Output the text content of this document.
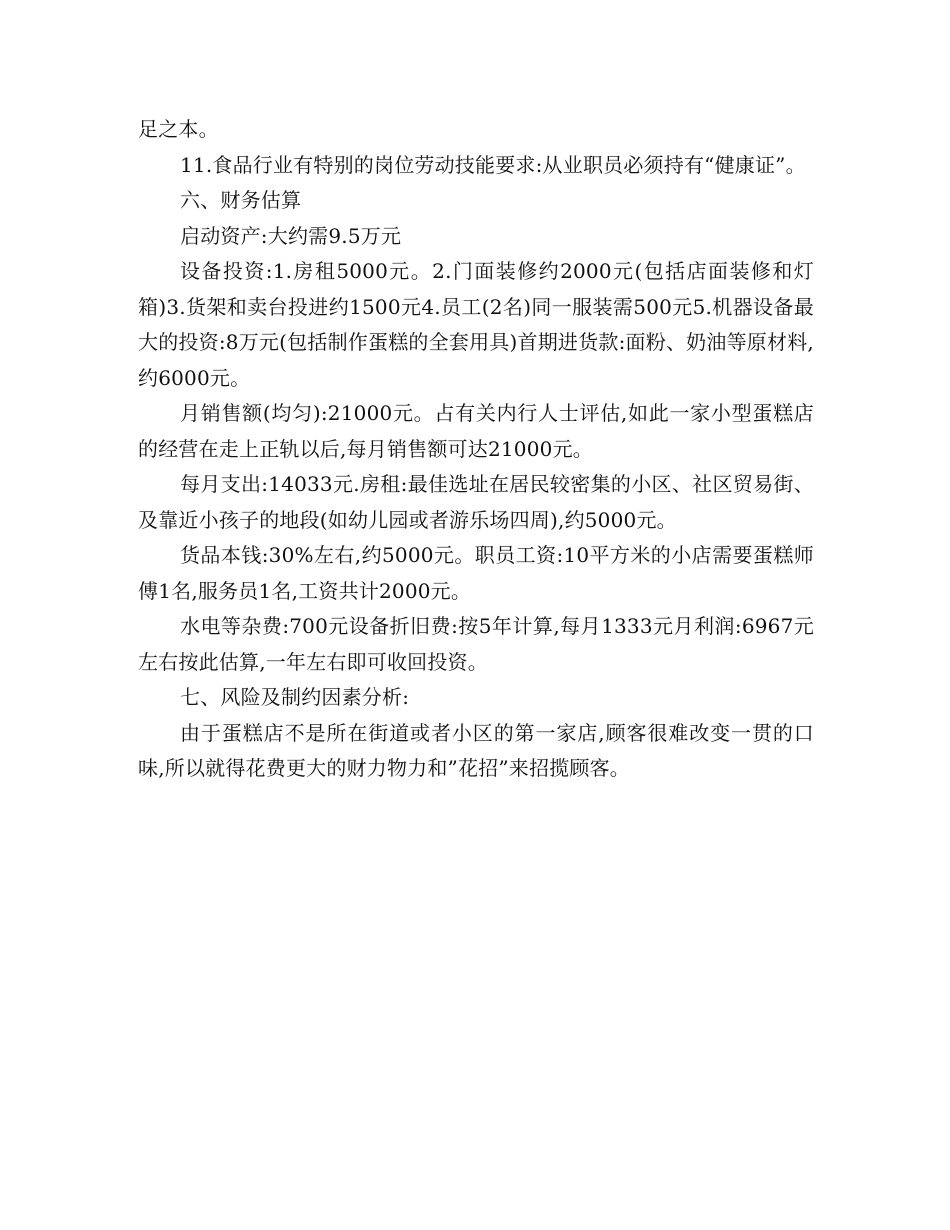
足之本。

11.食品行业有特别的岗位劳动技能要求:从业职员必须持有“健康证”。

六、财务估算

启动资产:大约需9.5万元

设备投资:1.房租5000元。2.门面装修约2000元(包括店面装修和灯箱)3.货架和卖台投进约1500元4.员工(2名)同一服装需500元5.机器设备最大的投资:8万元(包括制作蛋糕的全套用具)首期进货款:面粉、奶油等原材料,约6000元。

月销售额(均匀):21000元。占有关内行人士评估,如此一家小型蛋糕店的经营在走上正轨以后,每月销售额可达21000元。

每月支出:14033元.房租:最佳选址在居民较密集的小区、社区贸易街、及靠近小孩子的地段(如幼儿园或者游乐场四周),约5000元。

货品本钱:30%左右,约5000元。职员工资:10平方米的小店需要蛋糕师傅1名,服务员1名,工资共计2000元。

水电等杂费:700元设备折旧费:按5年计算,每月1333元月利润:6967元左右按此估算,一年左右即可收回投资。

七、风险及制约因素分析:

由于蛋糕店不是所在街道或者小区的第一家店,顾客很难改变一贯的口味,所以就得花费更大的财力物力和”花招”来招揽顾客。
